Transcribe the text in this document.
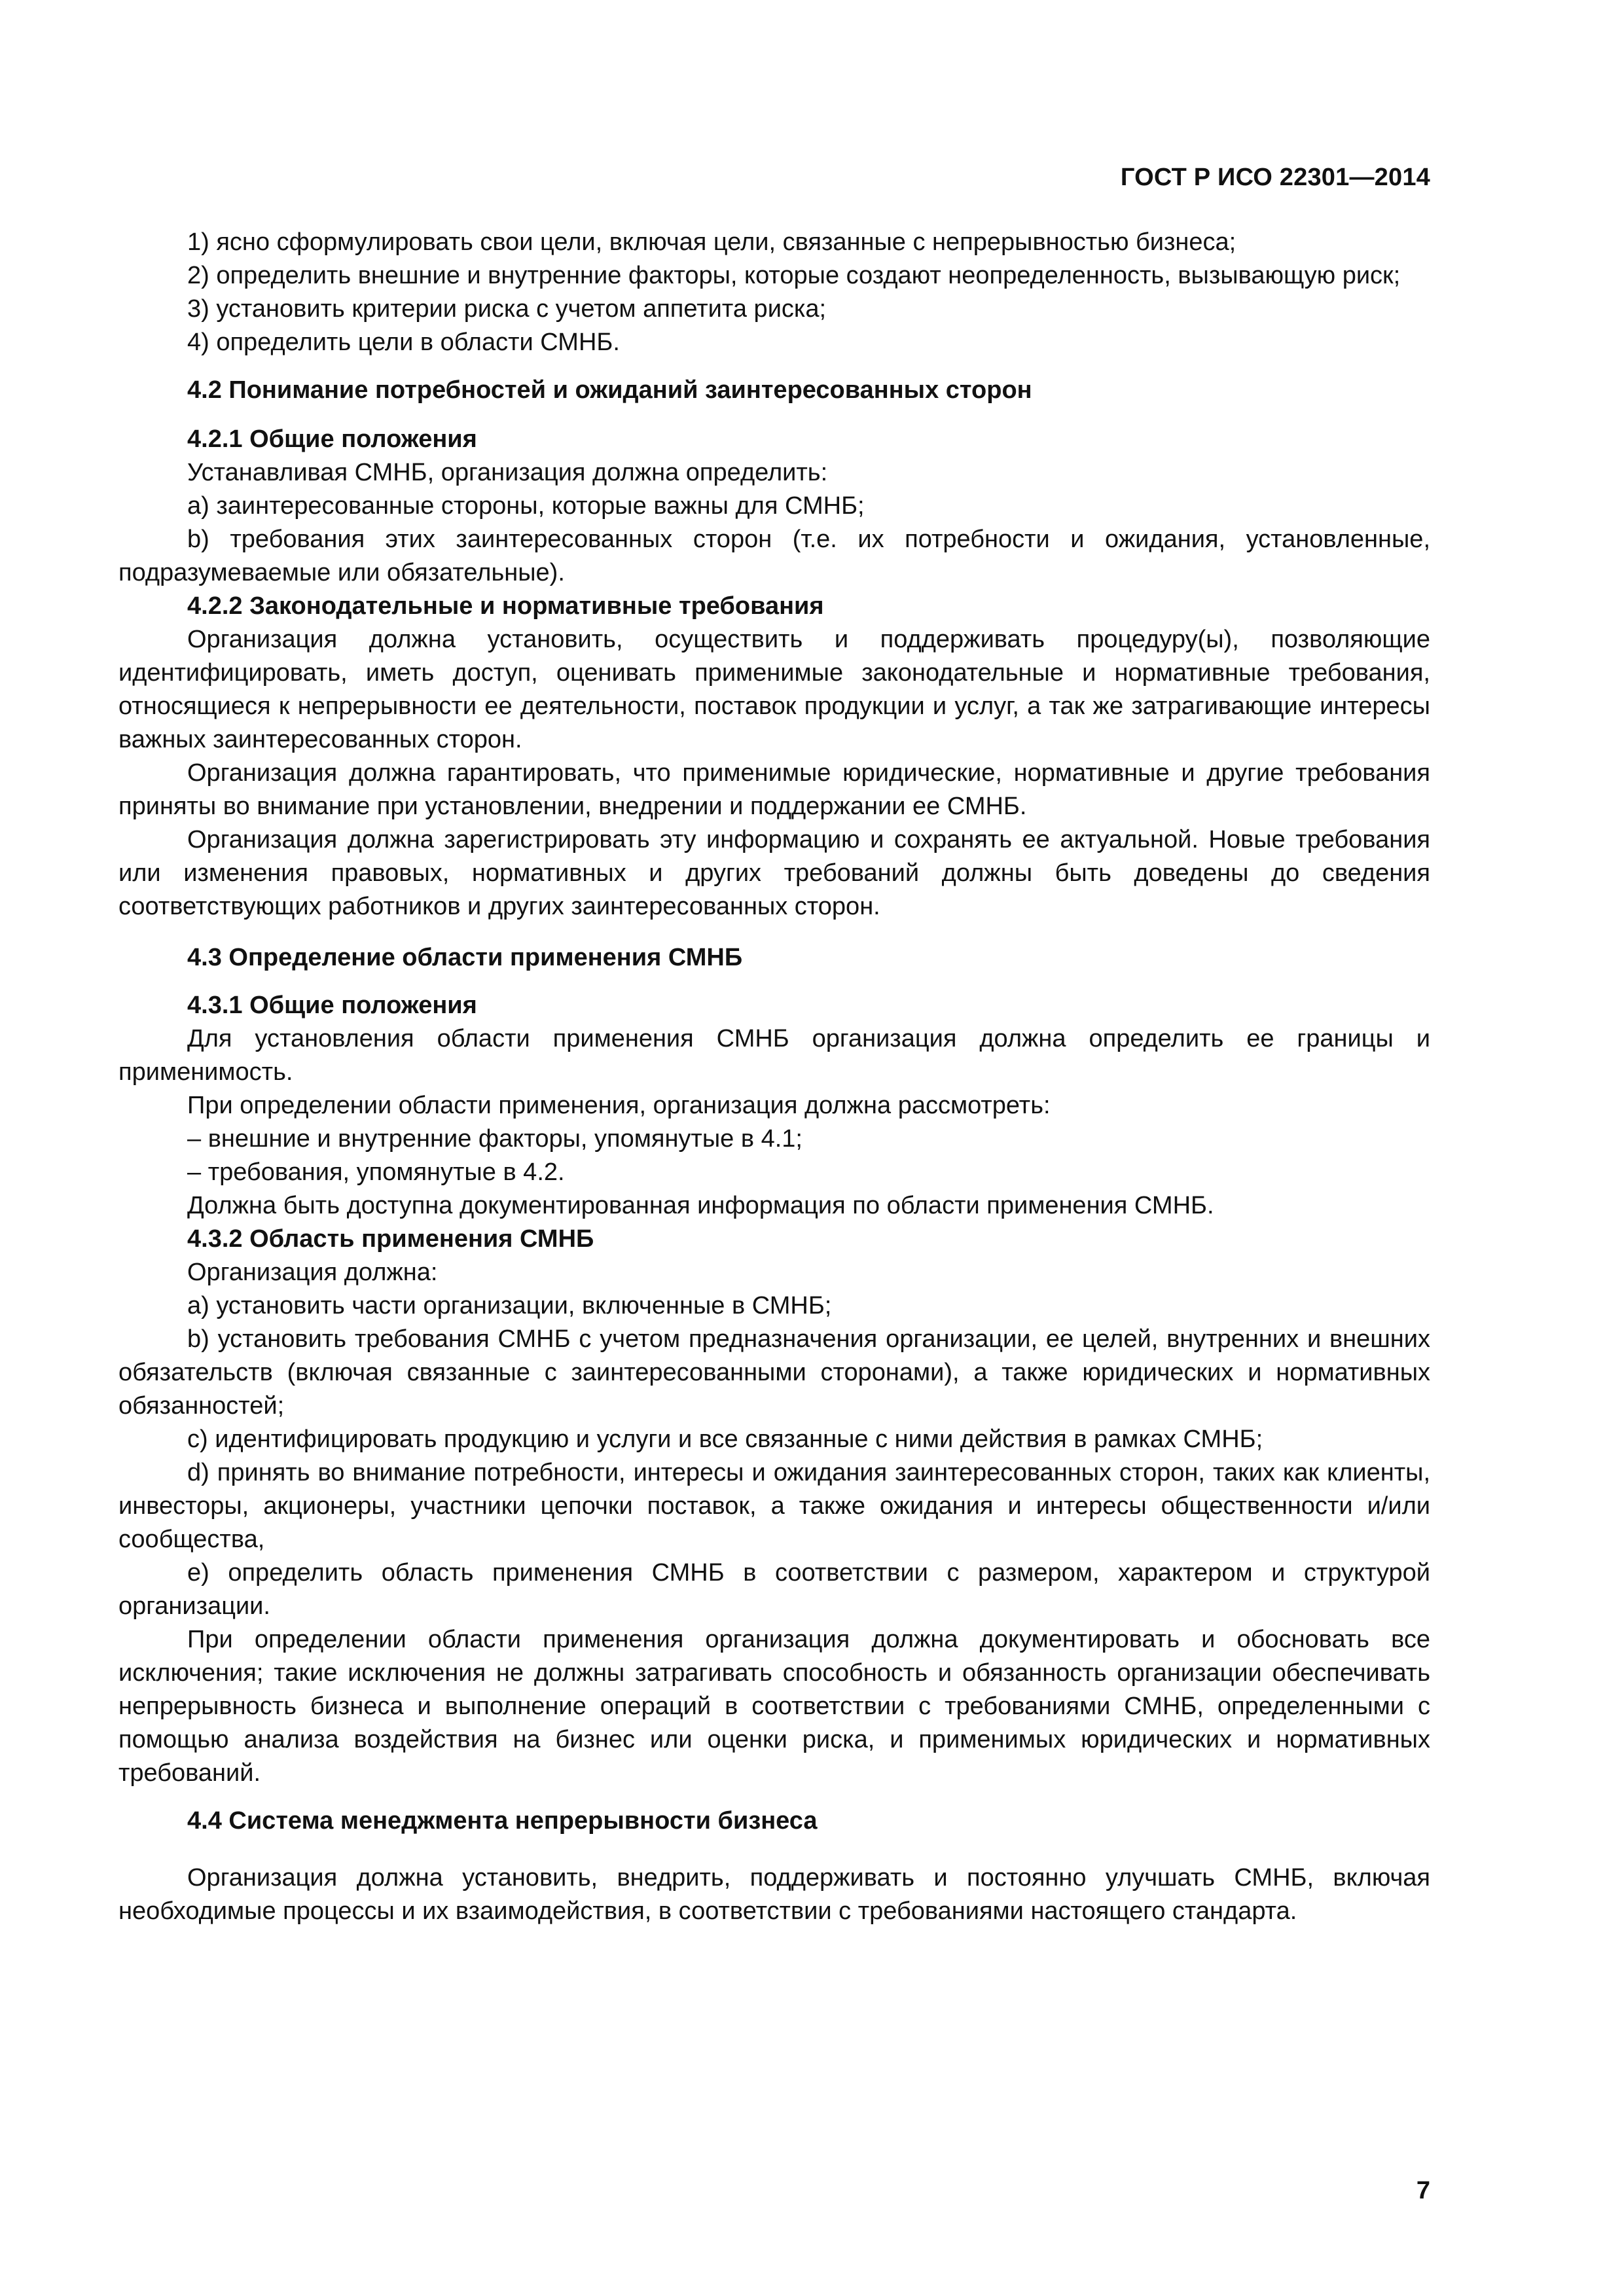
ГОСТ Р ИСО 22301—2014

1) ясно сформулировать свои цели, включая цели, связанные с непрерывностью бизнеса;

2) определить внешние и внутренние факторы, которые создают неопределенность, вызывающую риск;

3) установить критерии риска с учетом аппетита риска;

4) определить цели в области СМНБ.

4.2 Понимание потребностей и ожиданий заинтересованных сторон

4.2.1 Общие положения

Устанавливая СМНБ, организация должна определить:

a) заинтересованные стороны, которые важны для СМНБ;

b) требования этих заинтересованных сторон (т.е. их потребности и ожидания, установленные, подразумеваемые или обязательные).

4.2.2 Законодательные и нормативные требования

Организация должна установить, осуществить и поддерживать процедуру(ы), позволяющие идентифицировать, иметь доступ, оценивать применимые законодательные и нормативные требования, относящиеся к непрерывности ее деятельности, поставок продукции и услуг, а так же затрагивающие интересы важных заинтересованных сторон.

Организация должна гарантировать, что применимые юридические, нормативные и другие требования приняты во внимание при установлении, внедрении и поддержании ее СМНБ.

Организация должна зарегистрировать эту информацию и сохранять ее актуальной. Новые требования или изменения правовых, нормативных и других требований должны быть доведены до сведения соответствующих работников и других заинтересованных сторон.

4.3 Определение области применения СМНБ

4.3.1 Общие положения

Для установления области применения СМНБ организация должна определить ее границы и применимость.

При определении области применения, организация должна рассмотреть:

– внешние и внутренние факторы, упомянутые в 4.1;

– требования, упомянутые в 4.2.

Должна быть доступна документированная информация по области применения СМНБ.

4.3.2 Область применения СМНБ

Организация должна:

a) установить части организации, включенные в СМНБ;

b) установить требования СМНБ с учетом предназначения организации, ее целей, внутренних и внешних обязательств (включая связанные с заинтересованными сторонами), а также юридических и нормативных обязанностей;

c) идентифицировать продукцию и услуги и все связанные с ними действия в рамках СМНБ;

d) принять во внимание потребности, интересы и ожидания заинтересованных сторон, таких как клиенты, инвесторы, акционеры, участники цепочки поставок, а также ожидания и интересы общественности и/или сообщества,

e) определить область применения СМНБ в соответствии с размером, характером и структурой организации.

При определении области применения организация должна документировать и обосновать все исключения; такие исключения не должны затрагивать способность и обязанность организации обеспечивать непрерывность бизнеса и выполнение операций в соответствии с требованиями СМНБ, определенными с помощью анализа воздействия на бизнес или оценки риска, и применимых юридических и нормативных требований.

4.4 Система менеджмента непрерывности бизнеса

Организация должна установить, внедрить, поддерживать и постоянно улучшать СМНБ, включая необходимые процессы и их взаимодействия, в соответствии с требованиями настоящего стандарта.

7
